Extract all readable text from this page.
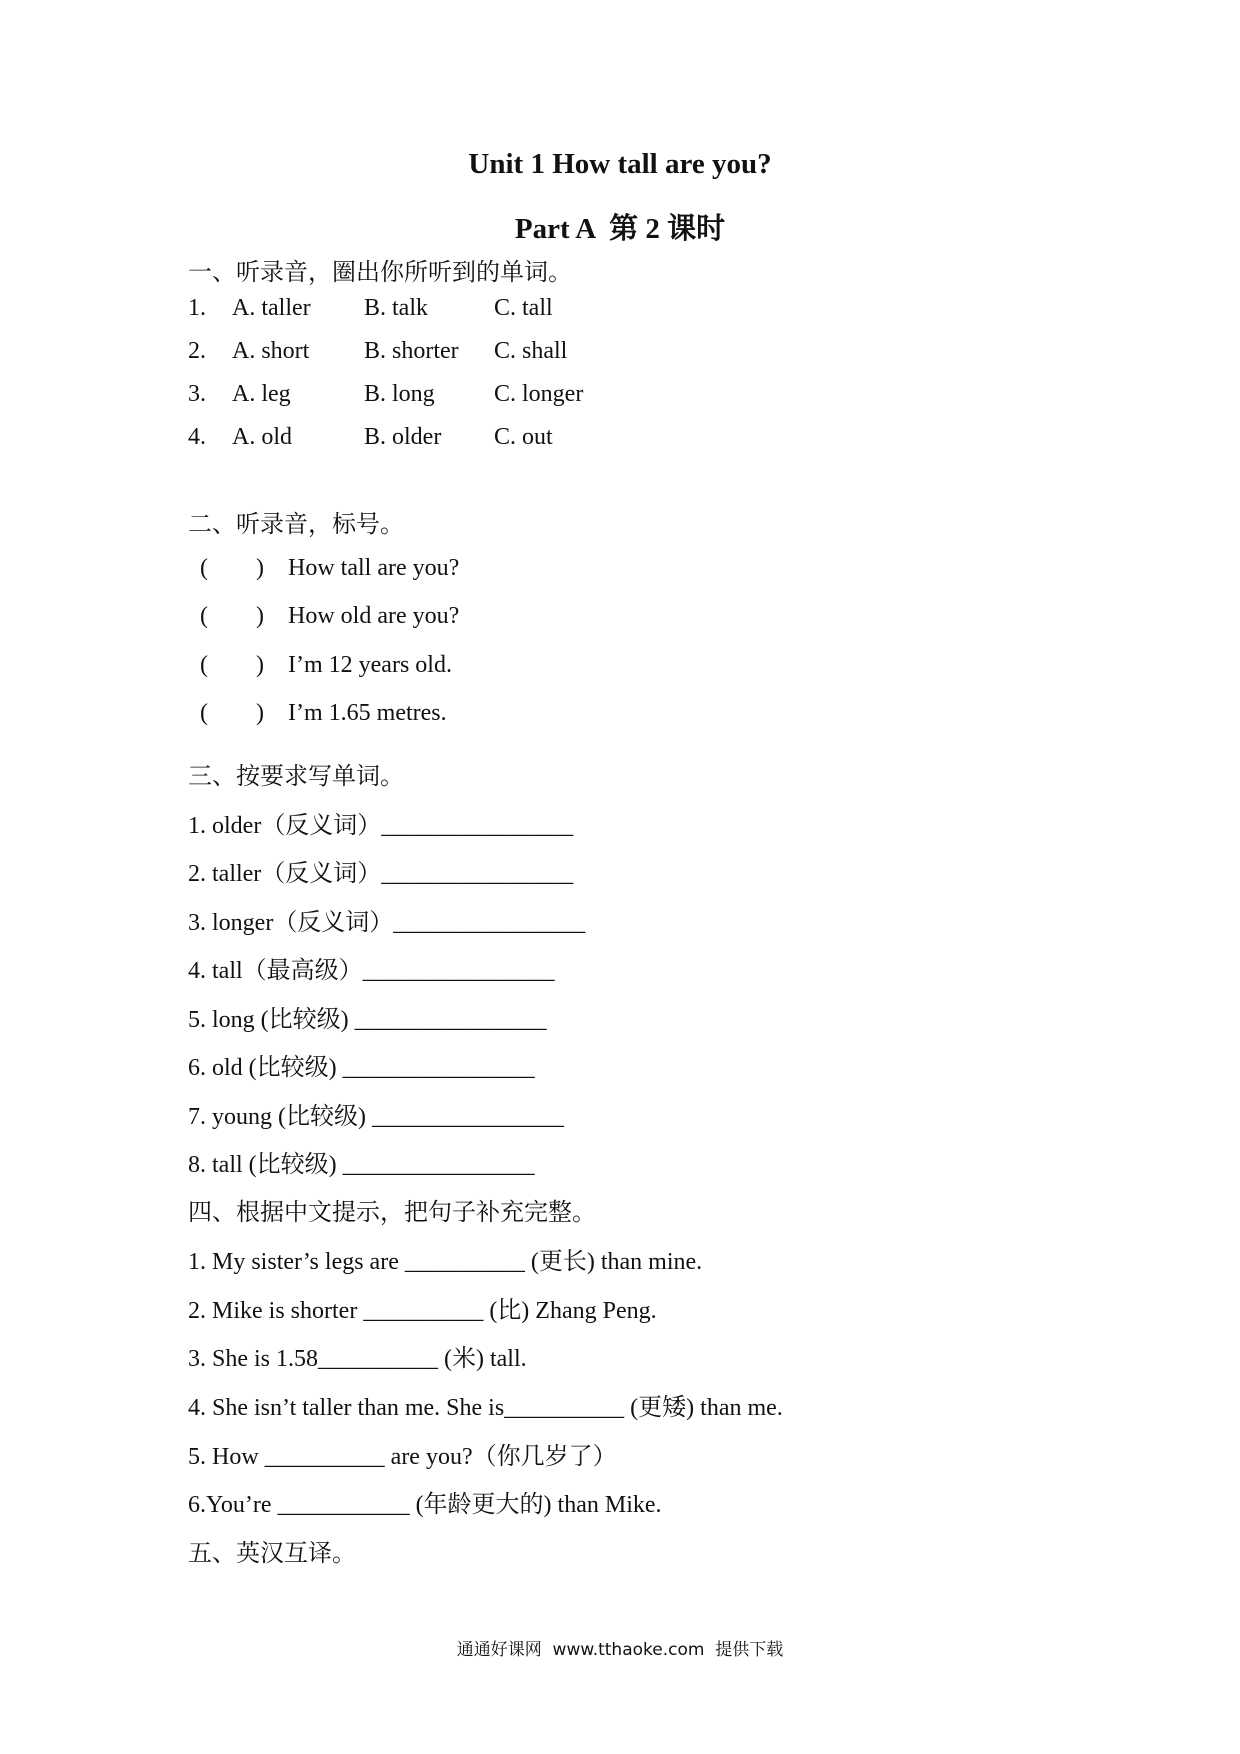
Unit 1 How tall are you?
Part A  第 2 课时
一、听录音，圈出你所听到的单词。
1. A. taller B. talk	C. tall
2. A. short B. shorter C. shall
3. A. leg	B. long C. longer
4. A. old	B. older C. out
二、听录音，标号。
(        ) How tall are you?
(        ) How old are you?
(        ) I’m 12 years old.
(        ) I’m 1.65 metres.
三、按要求写单词。
1. older（反义词）________________
2. taller（反义词）________________
3. longer（反义词）________________
4. tall（最高级）________________
5. long (比较级) ________________
6. old (比较级) ________________
7. young (比较级) ________________
8. tall (比较级) ________________
四、根据中文提示，把句子补充完整。
1. My sister’s legs are __________ (更长) than mine.
2. Mike is shorter __________ (比) Zhang Peng.
3. She is 1.58__________ (米) tall.
4. She isn’t taller than me. She is__________ (更矮) than me.
5. How __________ are you?（你几岁了）
6.You’re ___________ (年龄更大的) than Mike.
五、英汉互译。
通通好课网  www.tthaoke.com  提供下载
